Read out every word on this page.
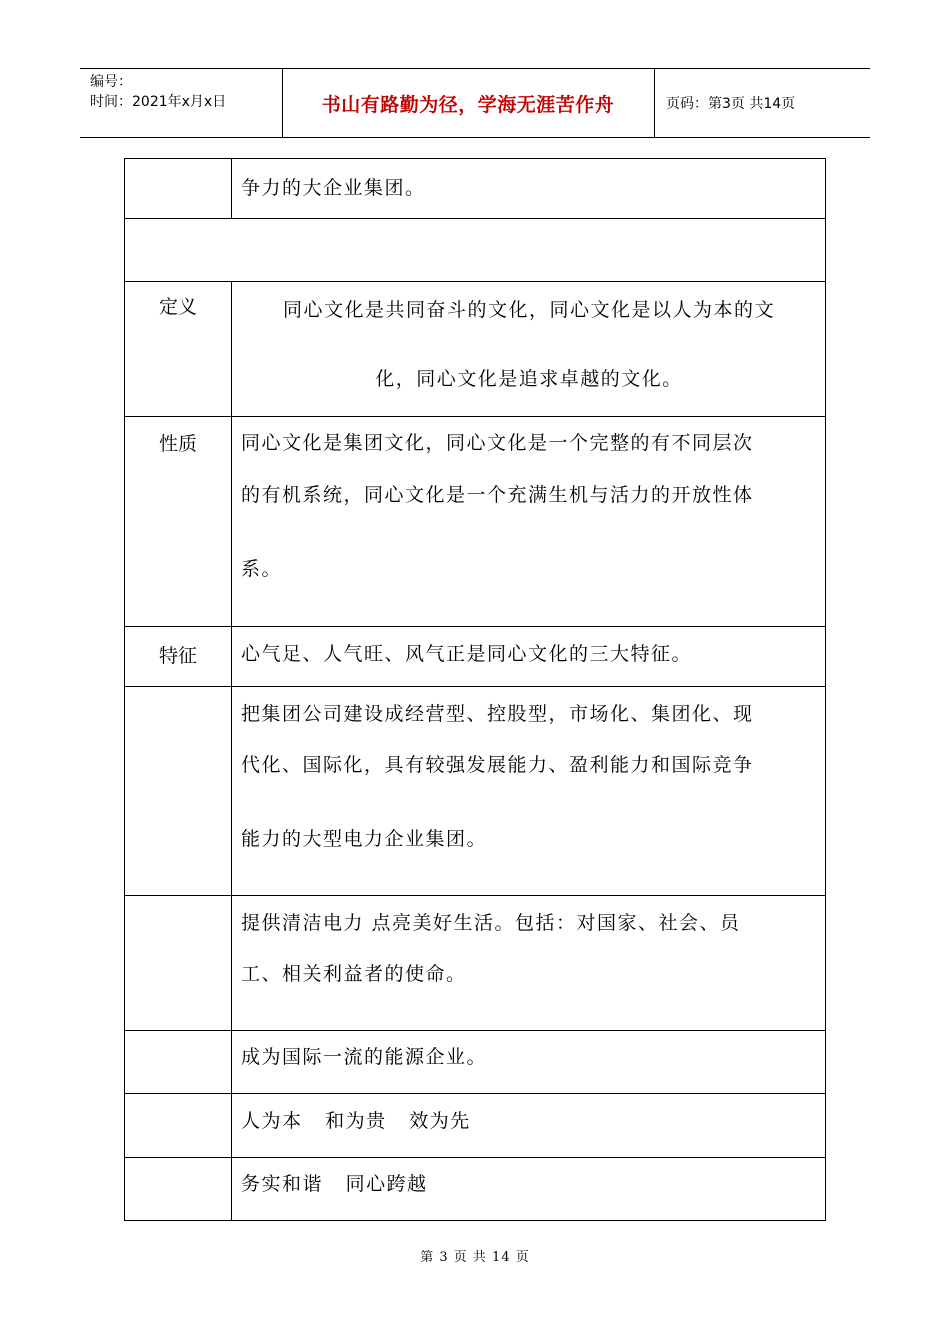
编号：
时间：2021年x月x日	书山有路勤为径，学海无涯苦作舟	页码：第3页 共14页

	争力的大企业集团。

定义	同心文化是共同奋斗的文化，同心文化是以人为本的文
化，同心文化是追求卓越的文化。

性质	同心文化是集团文化，同心文化是一个完整的有不同层次
的有机系统，同心文化是一个充满生机与活力的开放性体
系。

特征	心气足、人气旺、风气正是同心文化的三大特征。

	把集团公司建设成经营型、控股型，市场化、集团化、现
代化、国际化，具有较强发展能力、盈利能力和国际竞争
能力的大型电力企业集团。

	提供清洁电力 点亮美好生活。包括：对国家、社会、员
工、相关利益者的使命。

	成为国际一流的能源企业。

	人为本   和为贵   效为先

	务实和谐   同心跨越
第 3 页 共 14 页
